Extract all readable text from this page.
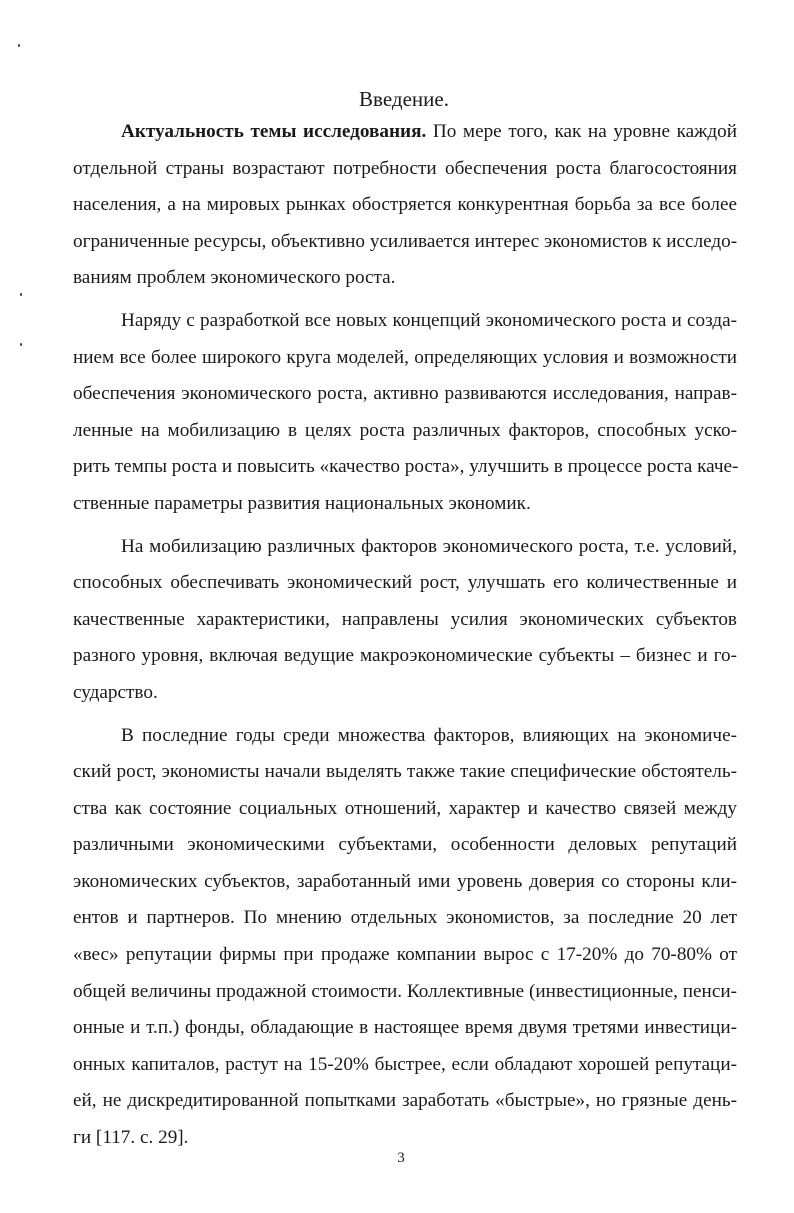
Введение.
Актуальность темы исследования. По мере того, как на уровне каждой
отдельной страны возрастают потребности обеспечения роста благосостояния
населения, а на мировых рынках обостряется конкурентная борьба за все более
ограниченные ресурсы, объективно усиливается интерес экономистов к исследо-
ваниям проблем экономического роста.
Наряду с разработкой все новых концепций экономического роста и созда-
нием все более широкого круга моделей, определяющих условия и возможности
обеспечения экономического роста, активно развиваются исследования, направ-
ленные на мобилизацию в целях роста различных факторов, способных уско-
рить темпы роста и повысить «качество роста», улучшить в процессе роста каче-
ственные параметры развития национальных экономик.
На мобилизацию различных факторов экономического роста, т.е. условий,
способных обеспечивать экономический рост, улучшать его количественные и
качественные характеристики, направлены усилия экономических субъектов
разного уровня, включая ведущие макроэкономические субъекты – бизнес и го-
сударство.
В последние годы среди множества факторов, влияющих на экономиче-
ский рост, экономисты начали выделять также такие специфические обстоятель-
ства как состояние социальных отношений, характер и качество связей между
различными экономическими субъектами, особенности деловых репутаций
экономических субъектов, заработанный ими уровень доверия со стороны кли-
ентов и партнеров. По мнению отдельных экономистов, за последние 20 лет
«вес» репутации фирмы при продаже компании вырос с 17-20% до 70-80% от
общей величины продажной стоимости. Коллективные (инвестиционные, пенси-
онные и т.п.) фонды, обладающие в настоящее время двумя третями инвестици-
онных капиталов, растут на 15-20% быстрее, если обладают хорошей репутаци-
ей, не дискредитированной попытками заработать «быстрые», но грязные день-
ги [117. с. 29].
3
